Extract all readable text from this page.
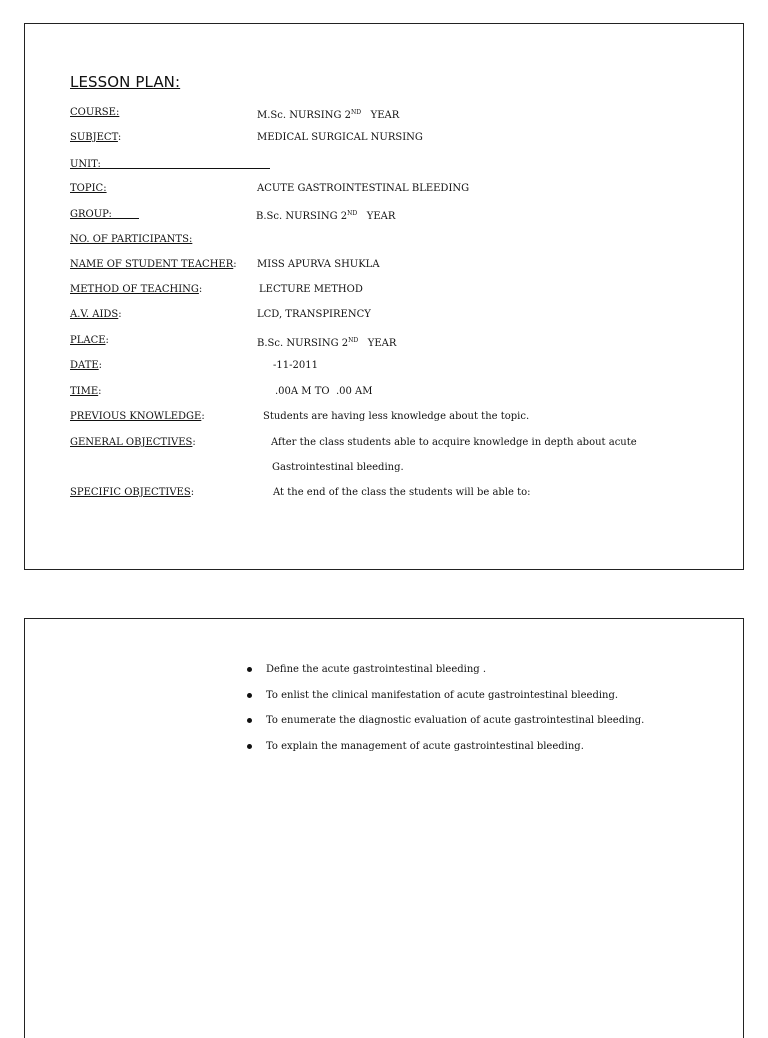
LESSON PLAN:
COURSE:	M.Sc. NURSING 2ND   YEAR
SUBJECT:	MEDICAL SURGICAL NURSING
UNIT:
TOPIC:	ACUTE GASTROINTESTINAL BLEEDING
GROUP:	B.Sc. NURSING 2ND   YEAR
NO. OF PARTICIPANTS:
NAME OF STUDENT TEACHER: MISS APURVA SHUKLA
METHOD OF TEACHING:	LECTURE METHOD
A.V. AIDS:	LCD, TRANSPIRENCY
PLACE:	B.Sc. NURSING 2ND   YEAR
DATE:	-11-2011
TIME:	.00A M TO  .00 AM
PREVIOUS KNOWLEDGE:	Students are having less knowledge about the topic.
GENERAL OBJECTIVES:	After the class students able to acquire knowledge in depth about acute
Gastrointestinal bleeding.
SPECIFIC OBJECTIVES:	At the end of the class the students will be able to:
Define the acute gastrointestinal bleeding .
To enlist the clinical manifestation of acute gastrointestinal bleeding.
To enumerate the diagnostic evaluation of acute gastrointestinal bleeding.
To explain the management of acute gastrointestinal bleeding.
